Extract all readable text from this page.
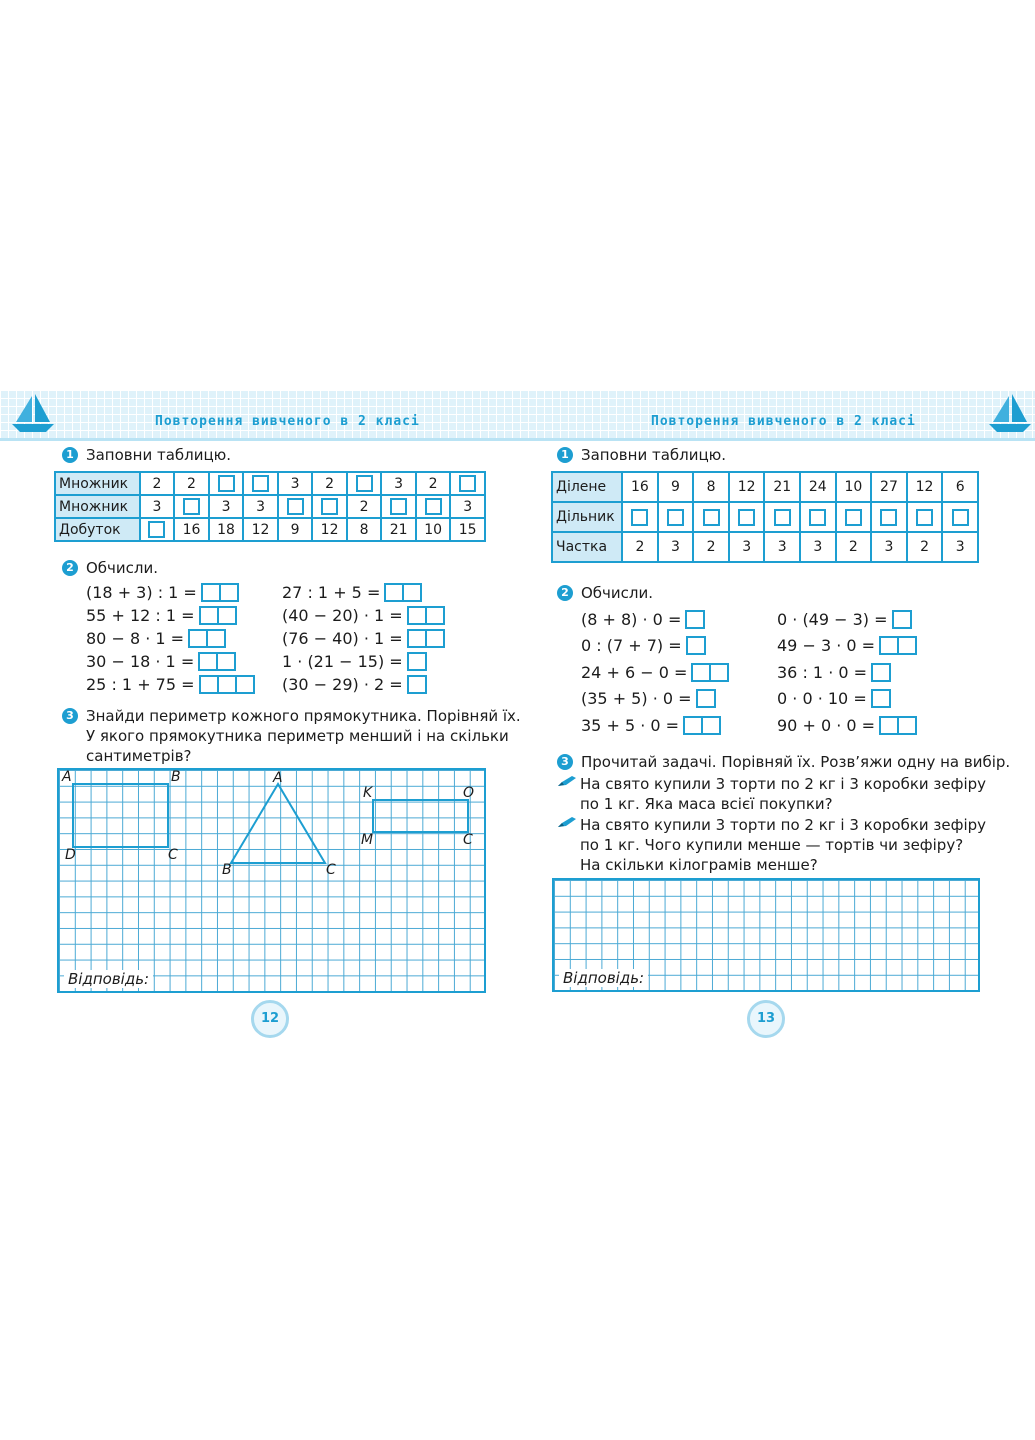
Повторення вивченого в 2 класі	Повторення вивченого в 2 класі
1 Заповни таблицю.
Множник	2	2			3	2		3	2	
Множник	3		3	3			2			3
Добуток		16	18	12	9	12	8	21	10	15
2 Обчисли.
(18 + 3) : 1 =
55 + 12 : 1 =
80 − 8 · 1 =
30 − 18 · 1 =
25 : 1 + 75 =
27 : 1 + 5 =
(40 − 20) · 1 =
(76 − 40) · 1 =
1 · (21 − 15) =
(30 − 29) · 2 =
3 Знайди периметр кожного прямокутника. Порівняй їх.
У якого прямокутника периметр менший і на скільки
сантиметрів?
A	B
D	C
A
B	C
K	O
M	C
Відповідь:
12
1 Заповни таблицю.
Ділене	16	9	8	12	21	24	10	27	12	6
Дільник										
Частка	2	3	2	3	3	3	2	3	2	3
2 Обчисли.
(8 + 8) · 0 =
0 : (7 + 7) =
24 + 6 − 0 =
(35 + 5) · 0 =
35 + 5 · 0 =
0 · (49 − 3) =
49 − 3 · 0 =
36 : 1 · 0 =
0 · 0 · 10 =
90 + 0 · 0 =
3 Прочитай задачі. Порівняй їх. Розв’яжи одну на вибір.
На свято купили 3 торти по 2 кг і 3 коробки зефіру
по 1 кг. Яка маса всієї покупки?
На свято купили 3 торти по 2 кг і 3 коробки зефіру
по 1 кг. Чого купили менше — тортів чи зефіру?
На скільки кілограмів менше?
Відповідь:
13
